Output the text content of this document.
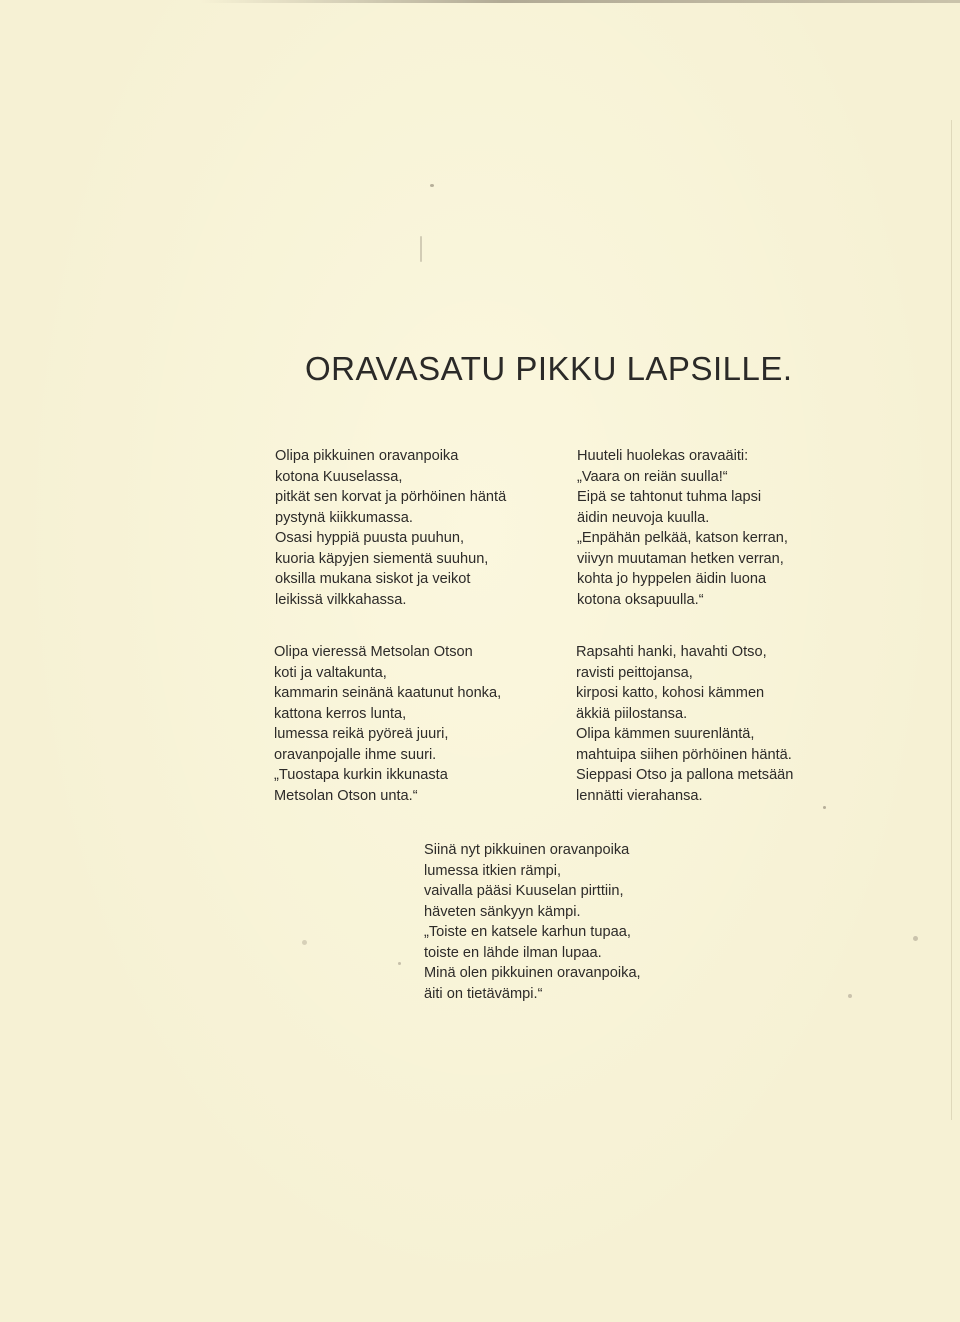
ORAVASATU PIKKU LAPSILLE.
Olipa pikkuinen oravanpoika
kotona Kuuselassa,
pitkät sen korvat ja pörhöinen häntä
pystynä kiikkumassa.
Osasi hyppiä puusta puuhun,
kuoria käpyjen siementä suuhun,
oksilla mukana siskot ja veikot
leikissä vilkkahassa.
Huuteli huolekas oravaäiti:
„Vaara on reiän suulla!“
Eipä se tahtonut tuhma lapsi
äidin neuvoja kuulla.
„Enpähän pelkää, katson kerran,
viivyn muutaman hetken verran,
kohta jo hyppelen äidin luona
kotona oksapuulla.“
Olipa vieressä Metsolan Otson
koti ja valtakunta,
kammarin seinänä kaatunut honka,
kattona kerros lunta,
lumessa reikä pyöreä juuri,
oravanpojalle ihme suuri.
„Tuostapa kurkin ikkunasta
Metsolan Otson unta.“
Rapsahti hanki, havahti Otso,
ravisti peittojansa,
kirposi katto, kohosi kämmen
äkkiä piilostansa.
Olipa kämmen suurenläntä,
mahtuipa siihen pörhöinen häntä.
Sieppasi Otso ja pallona metsään
lennätti vierahansa.
Siinä nyt pikkuinen oravanpoika
lumessa itkien rämpi,
vaivalla pääsi Kuuselan pirttiin,
häveten sänkyyn kämpi.
„Toiste en katsele karhun tupaa,
toiste en lähde ilman lupaa.
Minä olen pikkuinen oravanpoika,
äiti on tietävämpi.“
